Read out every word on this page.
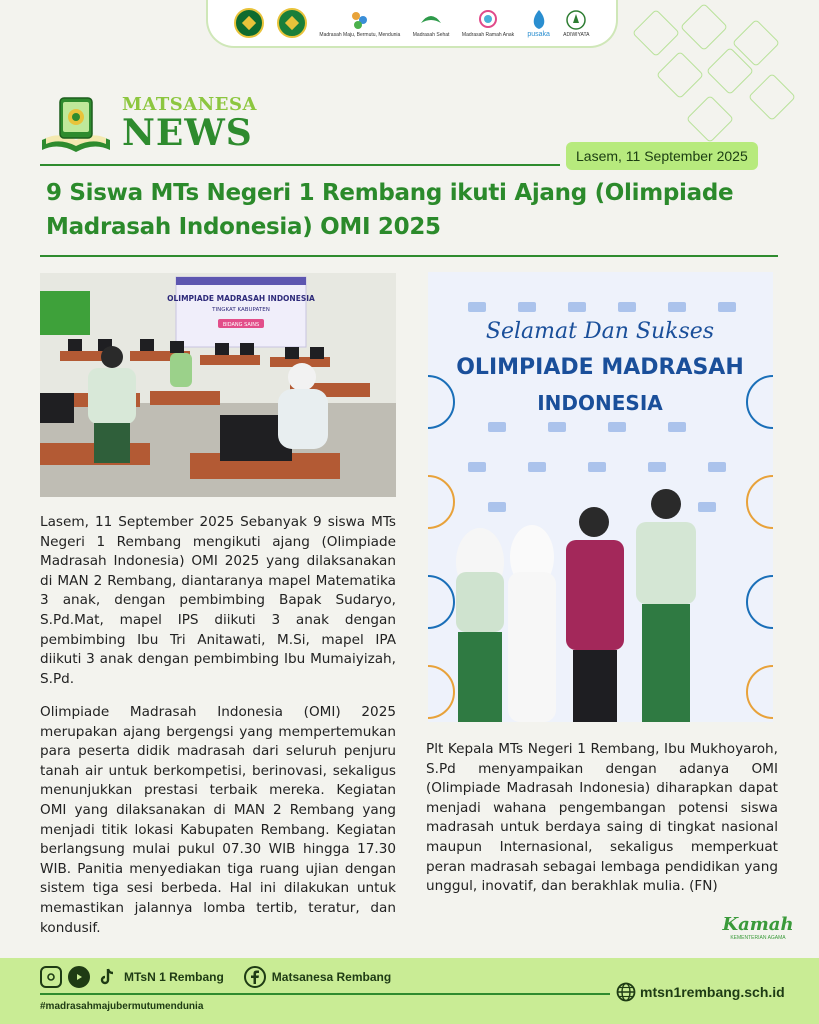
Madrasah Maju, Bermutu, Mendunia Madrasah Sehat Madrasah Ramah Anak pusaka	ADIWIYATA
MATSANESA
NEWS
Lasem, 11 September 2025
9 Siswa MTs Negeri 1 Rembang ikuti Ajang (Olimpiade Madrasah Indonesia) OMI 2025
OLIMPIADE MADRASAH INDONESIA
TINGKAT KABUPATEN
BIDANG SAINS	Selamat Dan Sukses
OLIMPIADE MADRASAH
INDONESIA
Lasem, 11 September 2025 Sebanyak 9 siswa MTs Negeri 1 Rembang mengikuti ajang (Olimpiade Madrasah Indonesia) OMI 2025 yang dilaksanakan di MAN 2 Rembang, diantaranya mapel Matematika 3 anak, dengan pembimbing Bapak Sudaryo, S.Pd.Mat, mapel IPS diikuti 3 anak dengan pembimbing Ibu Tri Anitawati, M.Si, mapel IPA diikuti 3 anak dengan pembimbing Ibu Mumaiyizah, S.Pd.
Olimpiade Madrasah Indonesia (OMI) 2025 merupakan ajang bergengsi yang mempertemukan para peserta didik madrasah dari seluruh penjuru tanah air untuk berkompetisi, berinovasi, sekaligus menunjukkan prestasi terbaik mereka. Kegiatan OMI yang dilaksanakan di MAN 2 Rembang yang menjadi titik lokasi Kabupaten Rembang. Kegiatan berlangsung mulai pukul 07.30 WIB hingga 17.30 WIB. Panitia menyediakan tiga ruang ujian dengan sistem tiga sesi berbeda. Hal ini dilakukan untuk memastikan jalannya lomba tertib, teratur, dan kondusif.
Plt Kepala MTs Negeri 1 Rembang, Ibu Mukhoyaroh, S.Pd menyampaikan dengan adanya OMI (Olimpiade Madrasah Indonesia) diharapkan dapat menjadi wahana pengembangan potensi siswa madrasah untuk berdaya saing di tingkat nasional maupun Internasional, sekaligus memperkuat peran madrasah sebagai lembaga pendidikan yang unggul, inovatif, dan berakhlak mulia. (FN)
Kamah
KEMENTERIAN AGAMA
MTsN 1 Rembang	Matsanesa Rembang
#madrasahmajubermutumendunia
mtsn1rembang.sch.id
